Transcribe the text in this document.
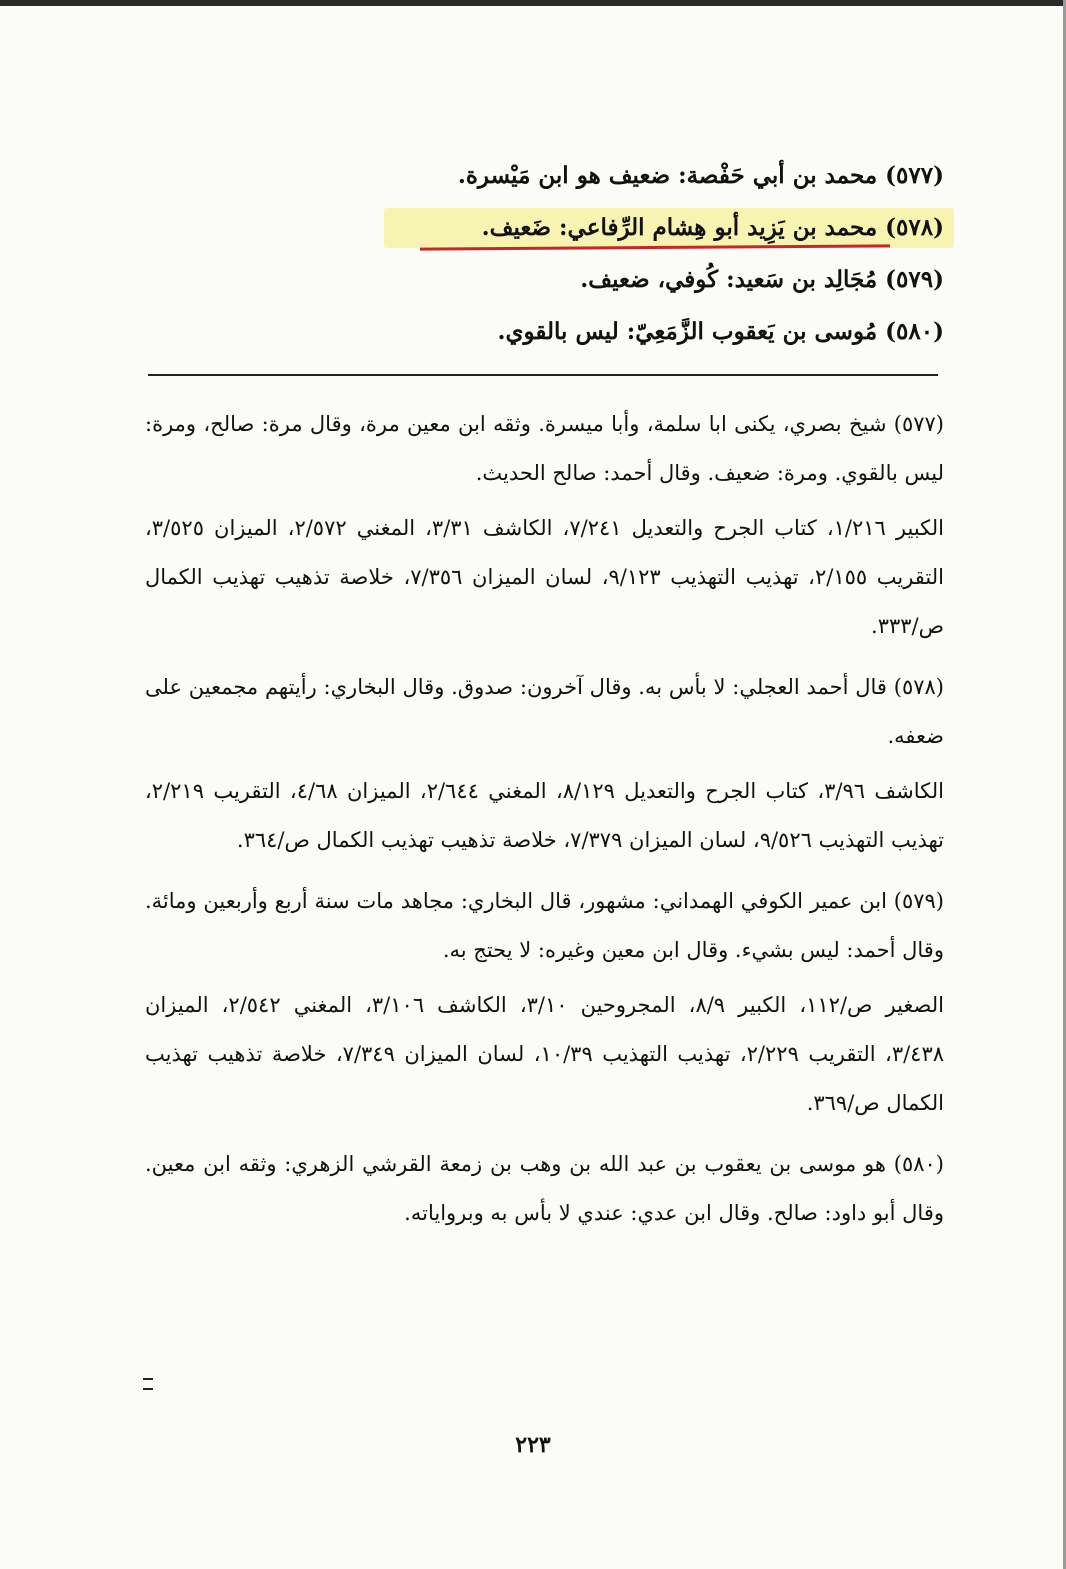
(٥٧٧) محمد بن أبي حَفْصة: ضعيف هو ابن مَيْسرة.
(٥٧٨) محمد بن يَزِيد أبو هِشام الرِّفاعي: ضَعيف.
(٥٧٩) مُجَالِد بن سَعيد: كُوفي، ضعيف.
(٥٨٠) مُوسى بن يَعقوب الزَّمَعِيّ: ليس بالقوي.

(٥٧٧) شيخ بصري، يكنى ابا سلمة، وأبا ميسرة. وثقه ابن معين مرة، وقال مرة: صالح، ومرة: ليس بالقوي. ومرة: ضعيف. وقال أحمد: صالح الحديث.

الكبير ١/٢١٦، كتاب الجرح والتعديل ٧/٢٤١، الكاشف ٣/٣١، المغني ٢/٥٧٢، الميزان ٣/٥٢٥، التقريب ٢/١٥٥، تهذيب التهذيب ٩/١٢٣، لسان الميزان ٧/٣٥٦، خلاصة تذهيب تهذيب الكمال ص/٣٣٣.

(٥٧٨) قال أحمد العجلي: لا بأس به. وقال آخرون: صدوق. وقال البخاري: رأيتهم مجمعين على ضعفه.

الكاشف ٣/٩٦، كتاب الجرح والتعديل ٨/١٢٩، المغني ٢/٦٤٤، الميزان ٤/٦٨، التقريب ٢/٢١٩، تهذيب التهذيب ٩/٥٢٦، لسان الميزان ٧/٣٧٩، خلاصة تذهيب تهذيب الكمال ص/٣٦٤.

(٥٧٩) ابن عمير الكوفي الهمداني: مشهور، قال البخاري: مجاهد مات سنة أربع وأربعين ومائة. وقال أحمد: ليس بشيء. وقال ابن معين وغيره: لا يحتج به.

الصغير ص/١١٢، الكبير ٨/٩، المجروحين ٣/١٠، الكاشف ٣/١٠٦، المغني ٢/٥٤٢، الميزان ٣/٤٣٨، التقريب ٢/٢٢٩، تهذيب التهذيب ١٠/٣٩، لسان الميزان ٧/٣٤٩، خلاصة تذهيب تهذيب الكمال ص/٣٦٩.

(٥٨٠) هو موسى بن يعقوب بن عبد الله بن وهب بن زمعة القرشي الزهري: وثقه ابن معين. وقال أبو داود: صالح. وقال ابن عدي: عندي لا بأس به وبرواياته.

٢٢٣
